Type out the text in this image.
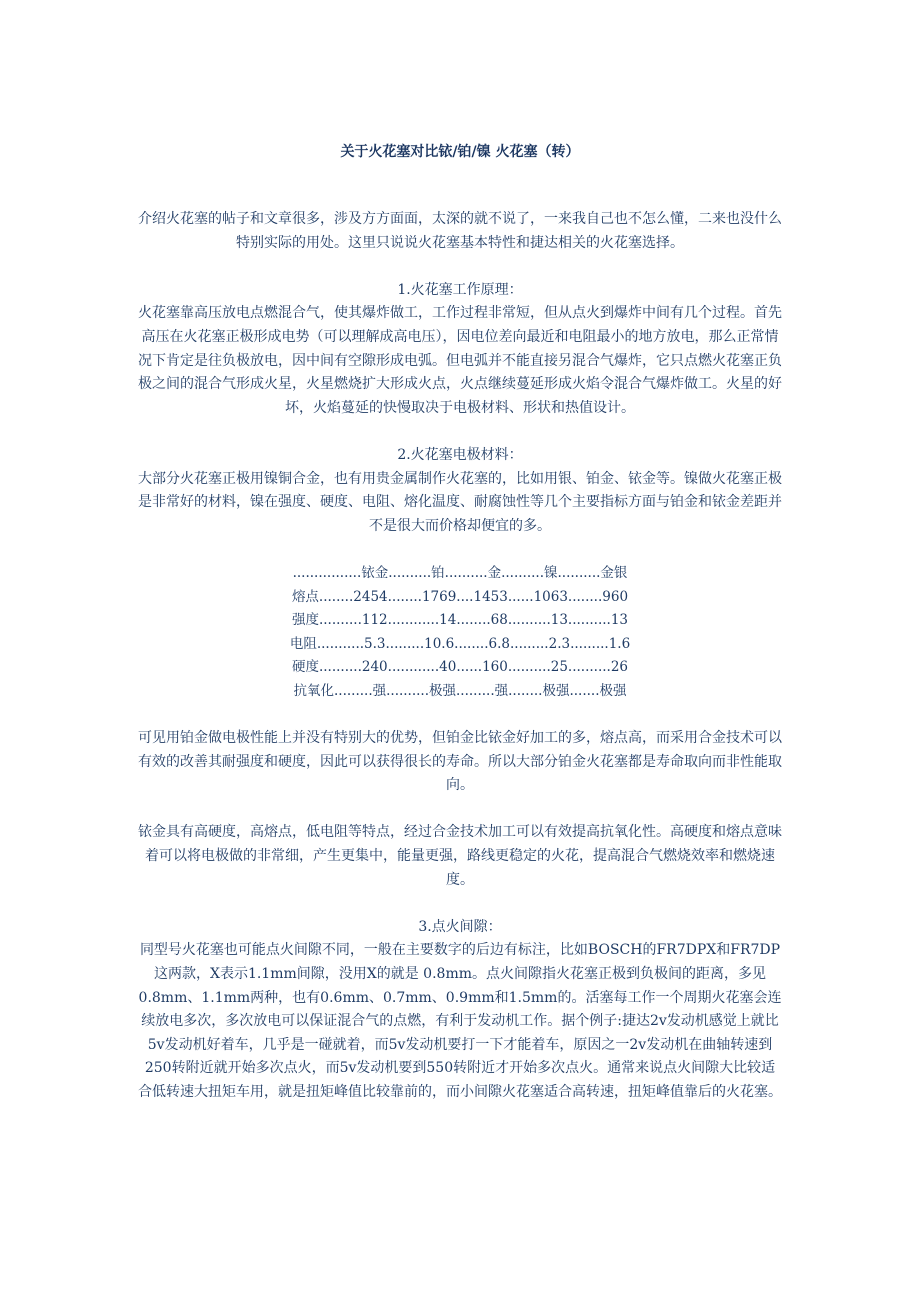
关于火花塞对比铱/铂/镍 火花塞（转）
介绍火花塞的帖子和文章很多，涉及方方面面，太深的就不说了，一来我自己也不怎么懂，二来也没什么特别实际的用处。这里只说说火花塞基本特性和捷达相关的火花塞选择。
1.火花塞工作原理：
火花塞靠高压放电点燃混合气，使其爆炸做工，工作过程非常短，但从点火到爆炸中间有几个过程。首先高压在火花塞正极形成电势（可以理解成高电压），因电位差向最近和电阻最小的地方放电，那么正常情况下肯定是往负极放电，因中间有空隙形成电弧。但电弧并不能直接另混合气爆炸，它只点燃火花塞正负极之间的混合气形成火星，火星燃烧扩大形成火点，火点继续蔓延形成火焰令混合气爆炸做工。火星的好坏，火焰蔓延的快慢取决于电极材料、形状和热值设计。
2.火花塞电极材料：
大部分火花塞正极用镍铜合金，也有用贵金属制作火花塞的，比如用银、铂金、铱金等。镍做火花塞正极是非常好的材料，镍在强度、硬度、电阻、熔化温度、耐腐蚀性等几个主要指标方面与铂金和铱金差距并不是很大而价格却便宜的多。
................铱金..........铂..........金..........镍..........金银
熔点........2454........1769....1453......1063........960
强度..........112............14........68..........13..........13
电阻...........5.3.........10.6........6.8.........2.3.........1.6
硬度..........240............40......160..........25..........26
抗氧化.........强..........极强.........强........极强.......极强
可见用铂金做电极性能上并没有特别大的优势，但铂金比铱金好加工的多，熔点高，而采用合金技术可以有效的改善其耐强度和硬度，因此可以获得很长的寿命。所以大部分铂金火花塞都是寿命取向而非性能取向。
铱金具有高硬度，高熔点，低电阻等特点，经过合金技术加工可以有效提高抗氧化性。高硬度和熔点意味着可以将电极做的非常细，产生更集中，能量更强，路线更稳定的火花，提高混合气燃烧效率和燃烧速度。
3.点火间隙：
同型号火花塞也可能点火间隙不同，一般在主要数字的后边有标注，比如BOSCH的FR7DPX和FR7DP这两款，X表示1.1mm间隙，没用X的就是 0.8mm。点火间隙指火花塞正极到负极间的距离，多见0.8mm、1.1mm两种，也有0.6mm、0.7mm、0.9mm和1.5mm的。活塞每工作一个周期火花塞会连续放电多次，多次放电可以保证混合气的点燃，有利于发动机工作。据个例子:捷达2v发动机感觉上就比5v发动机好着车，几乎是一碰就着，而5v发动机要打一下才能着车，原因之一2v发动机在曲轴转速到250转附近就开始多次点火，而5v发动机要到550转附近才开始多次点火。通常来说点火间隙大比较适合低转速大扭矩车用，就是扭矩峰值比较靠前的，而小间隙火花塞适合高转速，扭矩峰值靠后的火花塞。
